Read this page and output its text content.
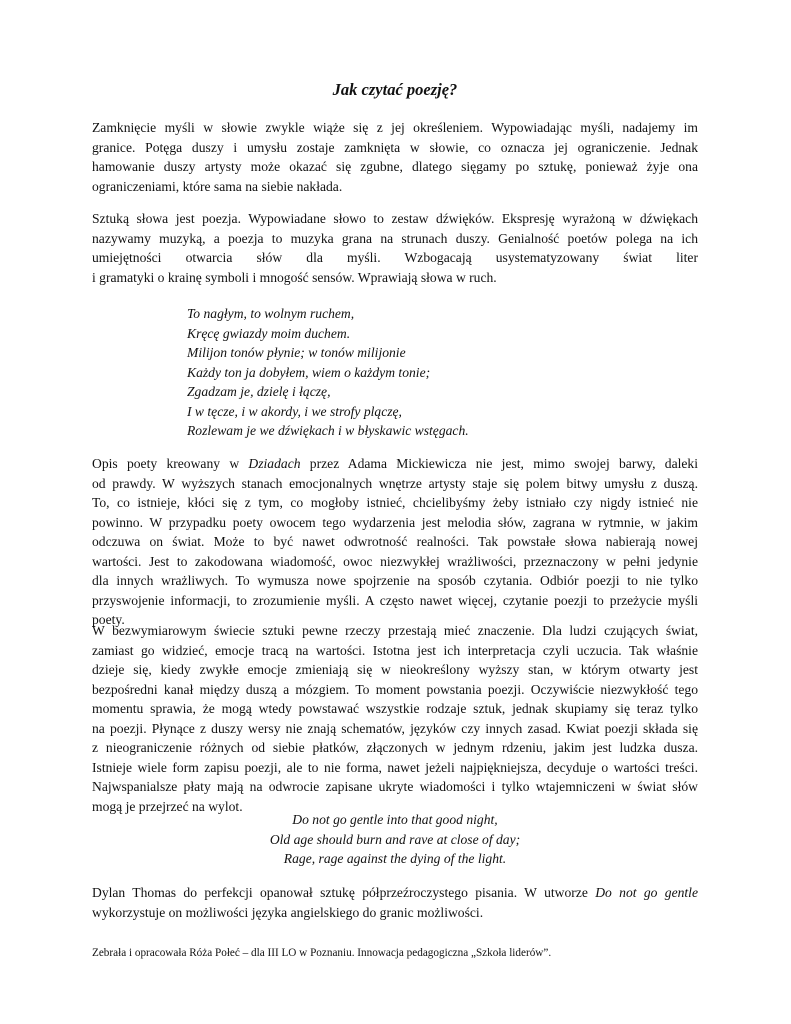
Jak czytać poezję?

Zamknięcie myśli w słowie zwykle wiąże się z jej określeniem. Wypowiadając myśli, nadajemy im
granice. Potęga duszy i umysłu zostaje zamknięta w słowie, co oznacza jej ograniczenie. Jednak
hamowanie duszy artysty może okazać się zgubne, dlatego sięgamy po sztukę, ponieważ żyje ona
ograniczeniami, które sama na siebie nakłada.

Sztuką słowa jest poezja. Wypowiadane słowo to zestaw dźwięków. Ekspresję wyrażoną w dźwiękach
nazywamy muzyką, a poezja to muzyka grana na strunach duszy. Genialność poetów polega na ich
umiejętności otwarcia słów dla myśli. Wzbogacają usystematyzowany świat liter
i gramatyki o krainę symboli i mnogość sensów. Wprawiają słowa w ruch.

To nagłym, to wolnym ruchem,
Kręcę gwiazdy moim duchem.
Milijon tonów płynie; w tonów milijonie
Każdy ton ja dobyłem, wiem o każdym tonie;
Zgadzam je, dzielę i łączę,
I w tęcze, i w akordy, i we strofy plączę,
Rozlewam je we dźwiękach i w błyskawic wstęgach.

Opis poety kreowany w Dziadach przez Adama Mickiewicza nie jest, mimo swojej barwy, daleki
od prawdy. W wyższych stanach emocjonalnych wnętrze artysty staje się polem bitwy umysłu z duszą.
To, co istnieje, kłóci się z tym, co mogłoby istnieć, chcielibyśmy żeby istniało czy nigdy istnieć nie
powinno. W przypadku poety owocem tego wydarzenia jest melodia słów, zagrana w rytmnie, w jakim
odczuwa on świat. Może to być nawet odwrotność realności. Tak powstałe słowa nabierają nowej
wartości. Jest to zakodowana wiadomość, owoc niezwykłej wrażliwości, przeznaczony w pełni jedynie
dla innych wrażliwych. To wymusza nowe spojrzenie na sposób czytania. Odbiór poezji to nie tylko
przyswojenie informacji, to zrozumienie myśli. A często nawet więcej, czytanie poezji to przeżycie myśli
poety.

W bezwymiarowym świecie sztuki pewne rzeczy przestają mieć znaczenie. Dla ludzi czujących świat,
zamiast go widzieć, emocje tracą na wartości. Istotna jest ich interpretacja czyli uczucia. Tak właśnie
dzieje się, kiedy zwykłe emocje zmieniają się w nieokreślony wyższy stan, w którym otwarty jest
bezpośredni kanał między duszą a mózgiem. To moment powstania poezji. Oczywiście niezwykłość tego
momentu sprawia, że mogą wtedy powstawać wszystkie rodzaje sztuk, jednak skupiamy się teraz tylko
na poezji. Płynące z duszy wersy nie znają schematów, języków czy innych zasad. Kwiat poezji składa się
z nieograniczenie różnych od siebie płatków, złączonych w jednym rdzeniu, jakim jest ludzka dusza.
Istnieje wiele form zapisu poezji, ale to nie forma, nawet jeżeli najpiękniejsza, decyduje o wartości treści.
Najwspanialsze płaty mają na odwrocie zapisane ukryte wiadomości i tylko wtajemniczeni w świat słów
mogą je przejrzeć na wylot.

Do not go gentle into that good night,
Old age should burn and rave at close of day;
Rage, rage against the dying of the light.

Dylan Thomas do perfekcji opanował sztukę półprzeźroczystego pisania. W utworze Do not go gentle
wykorzystuje on możliwości języka angielskiego do granic możliwości.

Zebrała i opracowała Róża Połeć – dla III LO w Poznaniu. Innowacja pedagogiczna „Szkoła liderów”.
